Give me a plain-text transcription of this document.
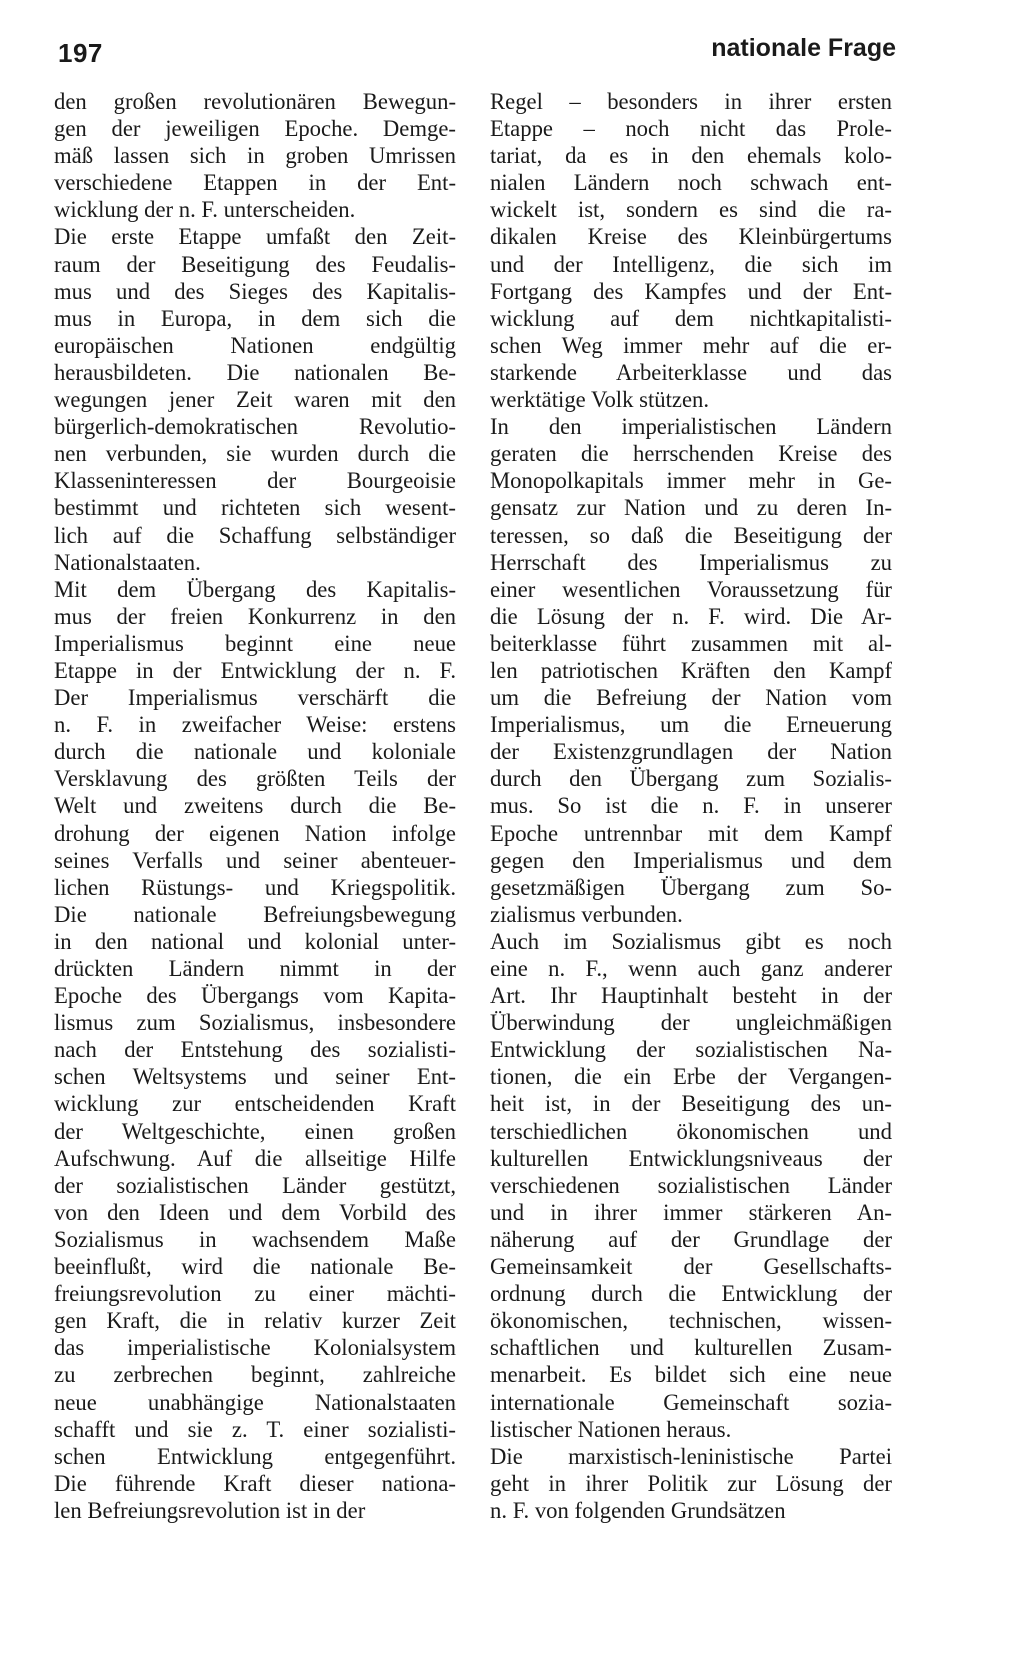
197	nationale Frage
den großen revolutionären Bewegun-
gen der jeweiligen Epoche. Demge-
mäß lassen sich in groben Umrissen
verschiedene Etappen in der Ent-
wicklung der n. F. unterscheiden.
Die erste Etappe umfaßt den Zeit-
raum der Beseitigung des Feudalis-
mus und des Sieges des Kapitalis-
mus in Europa, in dem sich die
europäischen Nationen endgültig
herausbildeten. Die nationalen Be-
wegungen jener Zeit waren mit den
bürgerlich-demokratischen Revolutio-
nen verbunden, sie wurden durch die
Klasseninteressen der Bourgeoisie
bestimmt und richteten sich wesent-
lich auf die Schaffung selbständiger
Nationalstaaten.
Mit dem Übergang des Kapitalis-
mus der freien Konkurrenz in den
Imperialismus beginnt eine neue
Etappe in der Entwicklung der n. F.
Der Imperialismus verschärft die
n. F. in zweifacher Weise: erstens
durch die nationale und koloniale
Versklavung des größten Teils der
Welt und zweitens durch die Be-
drohung der eigenen Nation infolge
seines Verfalls und seiner abenteuer-
lichen Rüstungs- und Kriegspolitik.
Die nationale Befreiungsbewegung
in den national und kolonial unter-
drückten Ländern nimmt in der
Epoche des Übergangs vom Kapita-
lismus zum Sozialismus, insbesondere
nach der Entstehung des sozialisti-
schen Weltsystems und seiner Ent-
wicklung zur entscheidenden Kraft
der Weltgeschichte, einen großen
Aufschwung. Auf die allseitige Hilfe
der sozialistischen Länder gestützt,
von den Ideen und dem Vorbild des
Sozialismus in wachsendem Maße
beeinflußt, wird die nationale Be-
freiungsrevolution zu einer mächti-
gen Kraft, die in relativ kurzer Zeit
das imperialistische Kolonialsystem
zu zerbrechen beginnt, zahlreiche
neue unabhängige Nationalstaaten
schafft und sie z. T. einer sozialisti-
schen Entwicklung entgegenführt.
Die führende Kraft dieser nationa-
len Befreiungsrevolution ist in der
Regel – besonders in ihrer ersten
Etappe – noch nicht das Prole-
tariat, da es in den ehemals kolo-
nialen Ländern noch schwach ent-
wickelt ist, sondern es sind die ra-
dikalen Kreise des Kleinbürgertums
und der Intelligenz, die sich im
Fortgang des Kampfes und der Ent-
wicklung auf dem nichtkapitalisti-
schen Weg immer mehr auf die er-
starkende Arbeiterklasse und das
werktätige Volk stützen.
In den imperialistischen Ländern
geraten die herrschenden Kreise des
Monopolkapitals immer mehr in Ge-
gensatz zur Nation und zu deren In-
teressen, so daß die Beseitigung der
Herrschaft des Imperialismus zu
einer wesentlichen Voraussetzung für
die Lösung der n. F. wird. Die Ar-
beiterklasse führt zusammen mit al-
len patriotischen Kräften den Kampf
um die Befreiung der Nation vom
Imperialismus, um die Erneuerung
der Existenzgrundlagen der Nation
durch den Übergang zum Sozialis-
mus. So ist die n. F. in unserer
Epoche untrennbar mit dem Kampf
gegen den Imperialismus und dem
gesetzmäßigen Übergang zum So-
zialismus verbunden.
Auch im Sozialismus gibt es noch
eine n. F., wenn auch ganz anderer
Art. Ihr Hauptinhalt besteht in der
Überwindung der ungleichmäßigen
Entwicklung der sozialistischen Na-
tionen, die ein Erbe der Vergangen-
heit ist, in der Beseitigung des un-
terschiedlichen ökonomischen und
kulturellen Entwicklungsniveaus der
verschiedenen sozialistischen Länder
und in ihrer immer stärkeren An-
näherung auf der Grundlage der
Gemeinsamkeit der Gesellschafts-
ordnung durch die Entwicklung der
ökonomischen, technischen, wissen-
schaftlichen und kulturellen Zusam-
menarbeit. Es bildet sich eine neue
internationale Gemeinschaft sozia-
listischer Nationen heraus.
Die marxistisch-leninistische Partei
geht in ihrer Politik zur Lösung der
n. F. von folgenden Grundsätzen
